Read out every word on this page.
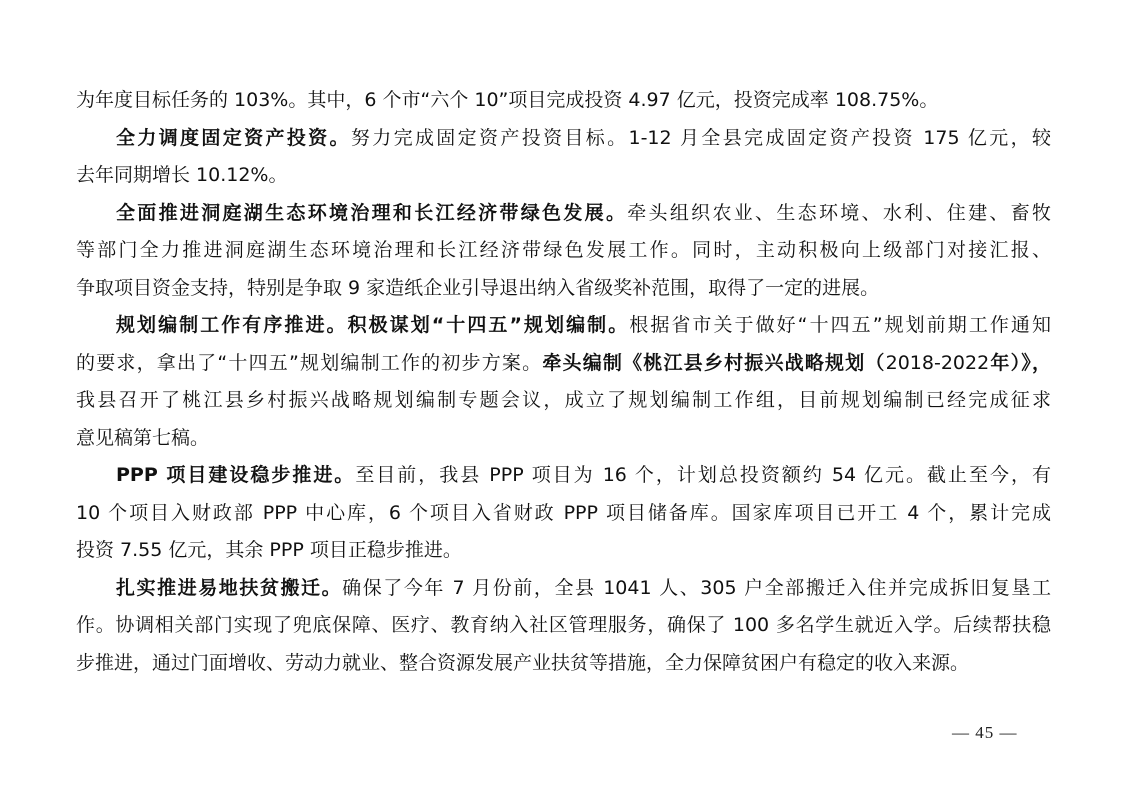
为年度目标任务的 103%。其中，6 个市“六个 10”项目完成投资 4.97 亿元，投资完成率 108.75%。
全力调度固定资产投资。努力完成固定资产投资目标。1-12 月全县完成固定资产投资 175 亿元，较
去年同期增长 10.12%。
全面推进洞庭湖生态环境治理和长江经济带绿色发展。牵头组织农业、生态环境、水利、住建、畜牧
等部门全力推进洞庭湖生态环境治理和长江经济带绿色发展工作。同时，主动积极向上级部门对接汇报、
争取项目资金支持，特别是争取 9 家造纸企业引导退出纳入省级奖补范围，取得了一定的进展。
规划编制工作有序推进。积极谋划“十四五”规划编制。根据省市关于做好“十四五”规划前期工作通知
的要求，拿出了“十四五”规划编制工作的初步方案。牵头编制《桃江县乡村振兴战略规划（2018-2022年）》，
我县召开了桃江县乡村振兴战略规划编制专题会议，成立了规划编制工作组，目前规划编制已经完成征求
意见稿第七稿。
PPP 项目建设稳步推进。至目前，我县 PPP 项目为 16 个，计划总投资额约 54 亿元。截止至今，有
10 个项目入财政部 PPP 中心库，6 个项目入省财政 PPP 项目储备库。国家库项目已开工 4 个，累计完成
投资 7.55 亿元，其余 PPP 项目正稳步推进。
扎实推进易地扶贫搬迁。确保了今年 7 月份前，全县 1041 人、305 户全部搬迁入住并完成拆旧复垦工
作。协调相关部门实现了兜底保障、医疗、教育纳入社区管理服务，确保了 100 多名学生就近入学。后续帮扶稳
步推进，通过门面增收、劳动力就业、整合资源发展产业扶贫等措施，全力保障贫困户有稳定的收入来源。
— 45 —
